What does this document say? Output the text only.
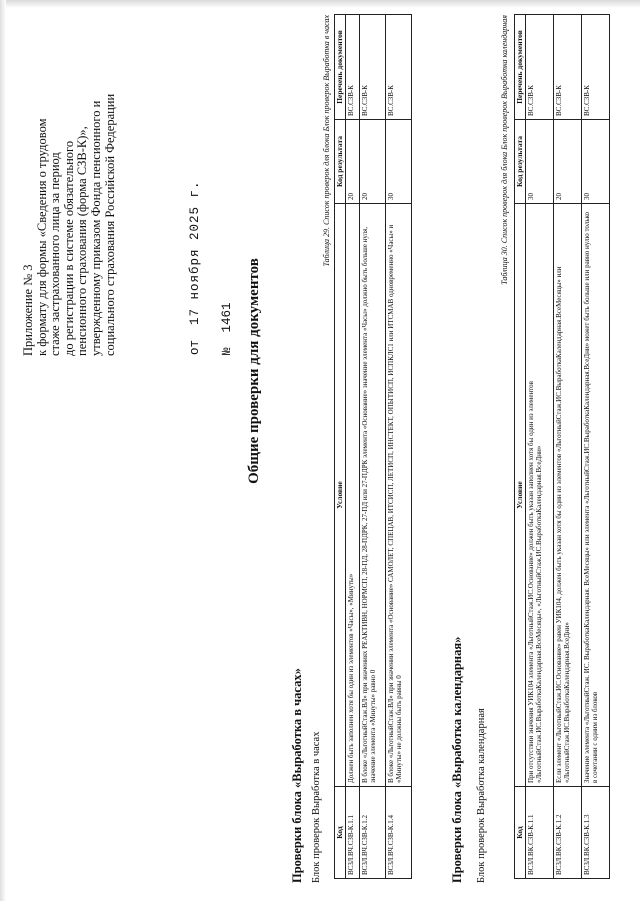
Приложение № 3 к формату для формы «Сведения о трудовом стаже застрахованного лица за период до регистрации в системе обязательного пенсионного страхования (форма СЗВ-К)», утвержденному приказом Фонда пенсионного и социального страхования Российской Федерации	от  17 ноября 2025 г.
№  1461 Общие проверки для документов
Проверки блока «Выработка в часах» Блок проверок Выработка в часах
Таблица 29. Список проверок для блока Блок проверок Выработка в часах
Код	Условие	Код результата	Перечень документов
ВСЗЛ.ВЧ.СЗВ-К.1.1	Должен быть заполнен хотя бы один из элементов «Часы», «Минуты»	20	ВС.СЗВ-К
ВСЗЛ.ВЧ.СЗВ-К.1.2	В блоке «ЛьготныйСтаж.ВЛ» при значениях РЕАКТИВН, НОРМСП, 28-ПД, 28-ПДРК, 27-ПД или 27-ПДРК элемента «Основание» значение элемента «Часы» должно быть больше нуля, значение элемента «Минуты» равно 0	20	ВС.СЗВ-К
ВСЗЛ.ВЧ.СЗВ-К.1.4	В блоке «ЛьготныйСтаж.ВЛ» при значении элемента «Основание» САМОЛЕТ, СПЕЦАВ, ИТСИСП, ЛЕТИСП, ИНСТЕКТ, ОПЫТИСП, ИСПКЛС1 или ИТСМАВ одновременно «Часы» и «Минуты» не должны быть равны 0	30	ВС.СЗВ-К
Проверки блока «Выработка календарная» Блок проверок Выработка календарная
Таблица 30. Список проверок для блока Блок проверок Выработка календарная
Код	Условие	Код результата	Перечень документов
ВСЗЛ.ВК.СЗВ-К.1.1	При отсутствии значения УИК104 элемента «ЛьготныйСтаж.ИС.Основание» должен быть указан заполнен хотя бы один из элементов «ЛьготныйСтаж.ИС.ВыработкаКалендарная.ВсеМесяцы», «ЛьготныйСтаж.ИС.ВыработкаКалендарная.ВсеДни»	30	ВС.СЗВ-К
ВСЗЛ.ВК.СЗВ-К.1.2	Если элемент «ЛьготныйСтаж.ИС.Основание» равен УИК104, должен быть указан хотя бы один из элементов «ЛьготныйСтаж.ИС.ВыработкаКалендарная.ВсеМесяцы» или «ЛьготныйСтаж.ИС.ВыработкаКалендарная.ВсеДни»	20	ВС.СЗВ-К
ВСЗЛ.ВК.СЗВ-К.1.3	Значение элемента «ЛьготныйСтаж. ИС. ВыработкаКалендарная. ВсеМесяцы» или элемента «ЛьготныйСтаж.ИС.ВыработкаКалендарная.ВсеДни» может быть больше или равно нулю только в сочетании с одним из блоков	30	ВС.СЗВ-К
